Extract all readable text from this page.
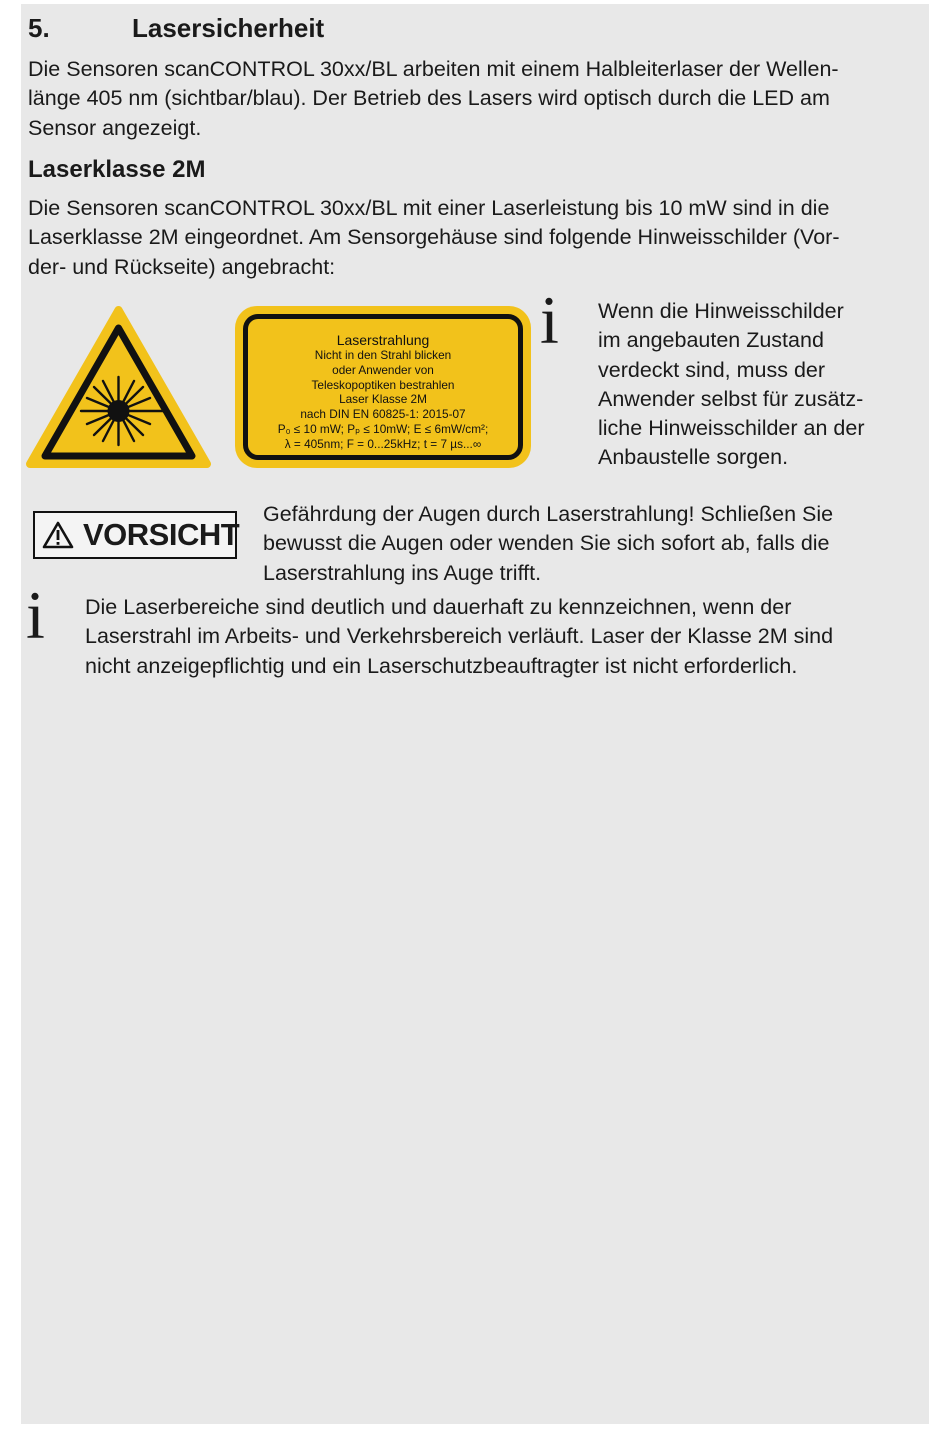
5.	Lasersicherheit
Die Sensoren scanCONTROL 30xx/BL arbeiten mit einem Halbleiterlaser der Wellen-
länge 405 nm (sichtbar/blau). Der Betrieb des Lasers wird optisch durch die LED am
Sensor angezeigt.
Laserklasse 2M
Die Sensoren scanCONTROL 30xx/BL mit einer Laserleistung bis 10 mW sind in die
Laserklasse 2M eingeordnet. Am Sensorgehäuse sind folgende Hinweisschilder (Vor-
der- und Rückseite) angebracht:
Laserstrahlung
Nicht in den Strahl blicken
oder Anwender von
Teleskopoptiken bestrahlen
Laser Klasse 2M
nach DIN EN 60825-1: 2015-07
P₀ ≤ 10 mW; Pₚ ≤ 10mW; E ≤ 6mW/cm²;
λ = 405nm; F = 0...25kHz; t = 7 µs...∞
i Wenn die Hinweisschilder
im angebauten Zustand
verdeckt sind, muss der
Anwender selbst für zusätz-
liche Hinweisschilder an der
Anbaustelle sorgen.
VORSICHT
Gefährdung der Augen durch Laserstrahlung! Schließen Sie
bewusst die Augen oder wenden Sie sich sofort ab, falls die
Laserstrahlung ins Auge trifft.
i Die Laserbereiche sind deutlich und dauerhaft zu kennzeichnen, wenn der
Laserstrahl im Arbeits- und Verkehrsbereich verläuft. Laser der Klasse 2M sind
nicht anzeigepflichtig und ein Laserschutzbeauftragter ist nicht erforderlich.
